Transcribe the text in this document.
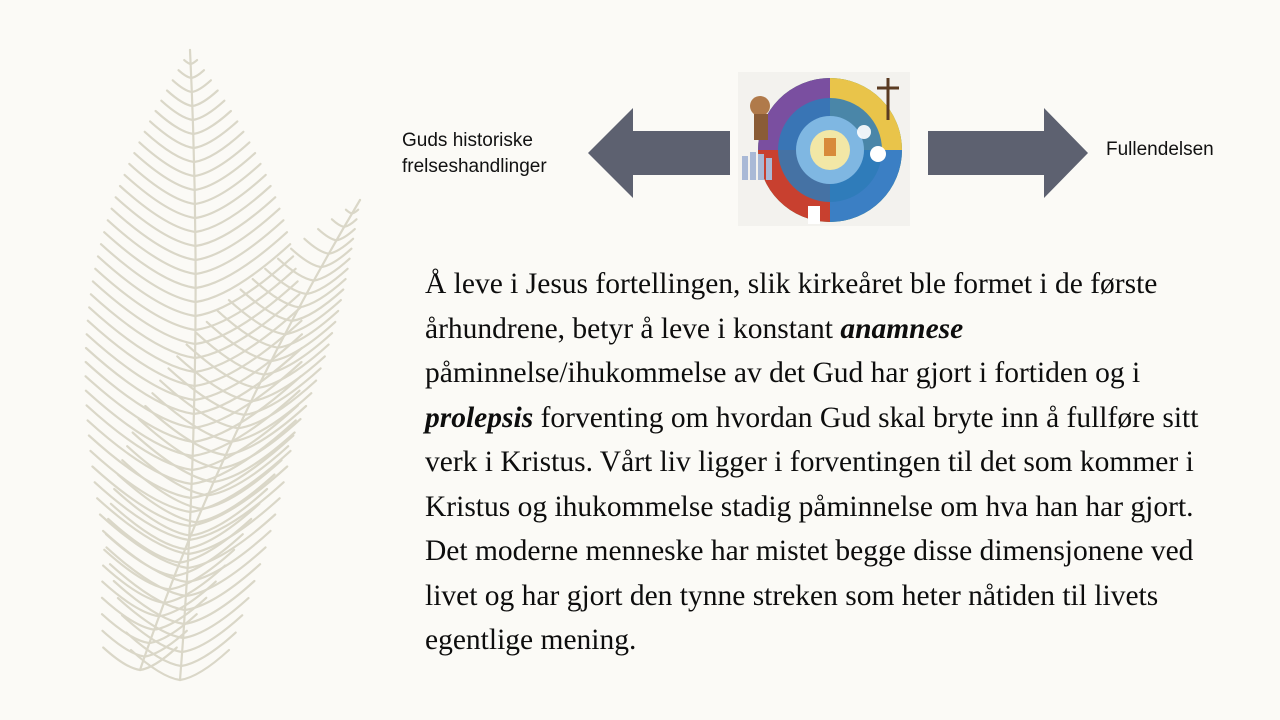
Guds historiske
frelseshandlinger
Fullendelsen

Å leve i Jesus fortellingen, slik kirkeåret ble formet i de første århundrene, betyr å leve i konstant anamnese påminnelse/ihukommelse av det Gud har gjort i fortiden og i prolepsis forventing om hvordan Gud skal bryte inn å fullføre sitt verk i Kristus. Vårt liv ligger i forventingen til det som kommer i Kristus og ihukommelse stadig påminnelse om hva han har gjort. Det moderne menneske har mistet begge disse dimensjonene ved livet og har gjort den tynne streken som heter nåtiden til livets egentlige mening.
